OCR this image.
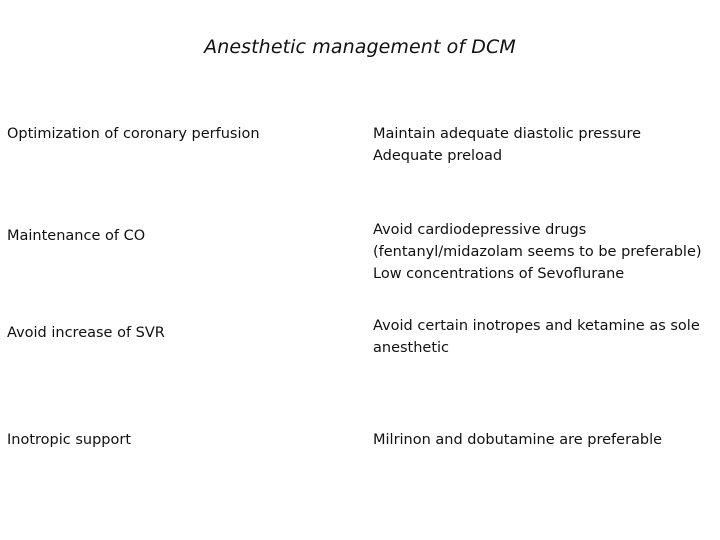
Anesthetic management of DCM
Optimization of coronary perfusion	Maintain adequate diastolic pressure
Adequate preload
Maintenance of CO	Avoid cardiodepressive drugs
(fentanyl/midazolam seems to be preferable)
Low concentrations of Sevoflurane
Avoid increase of SVR	Avoid certain inotropes and ketamine as sole
anesthetic
Inotropic support	Milrinon and dobutamine are preferable
